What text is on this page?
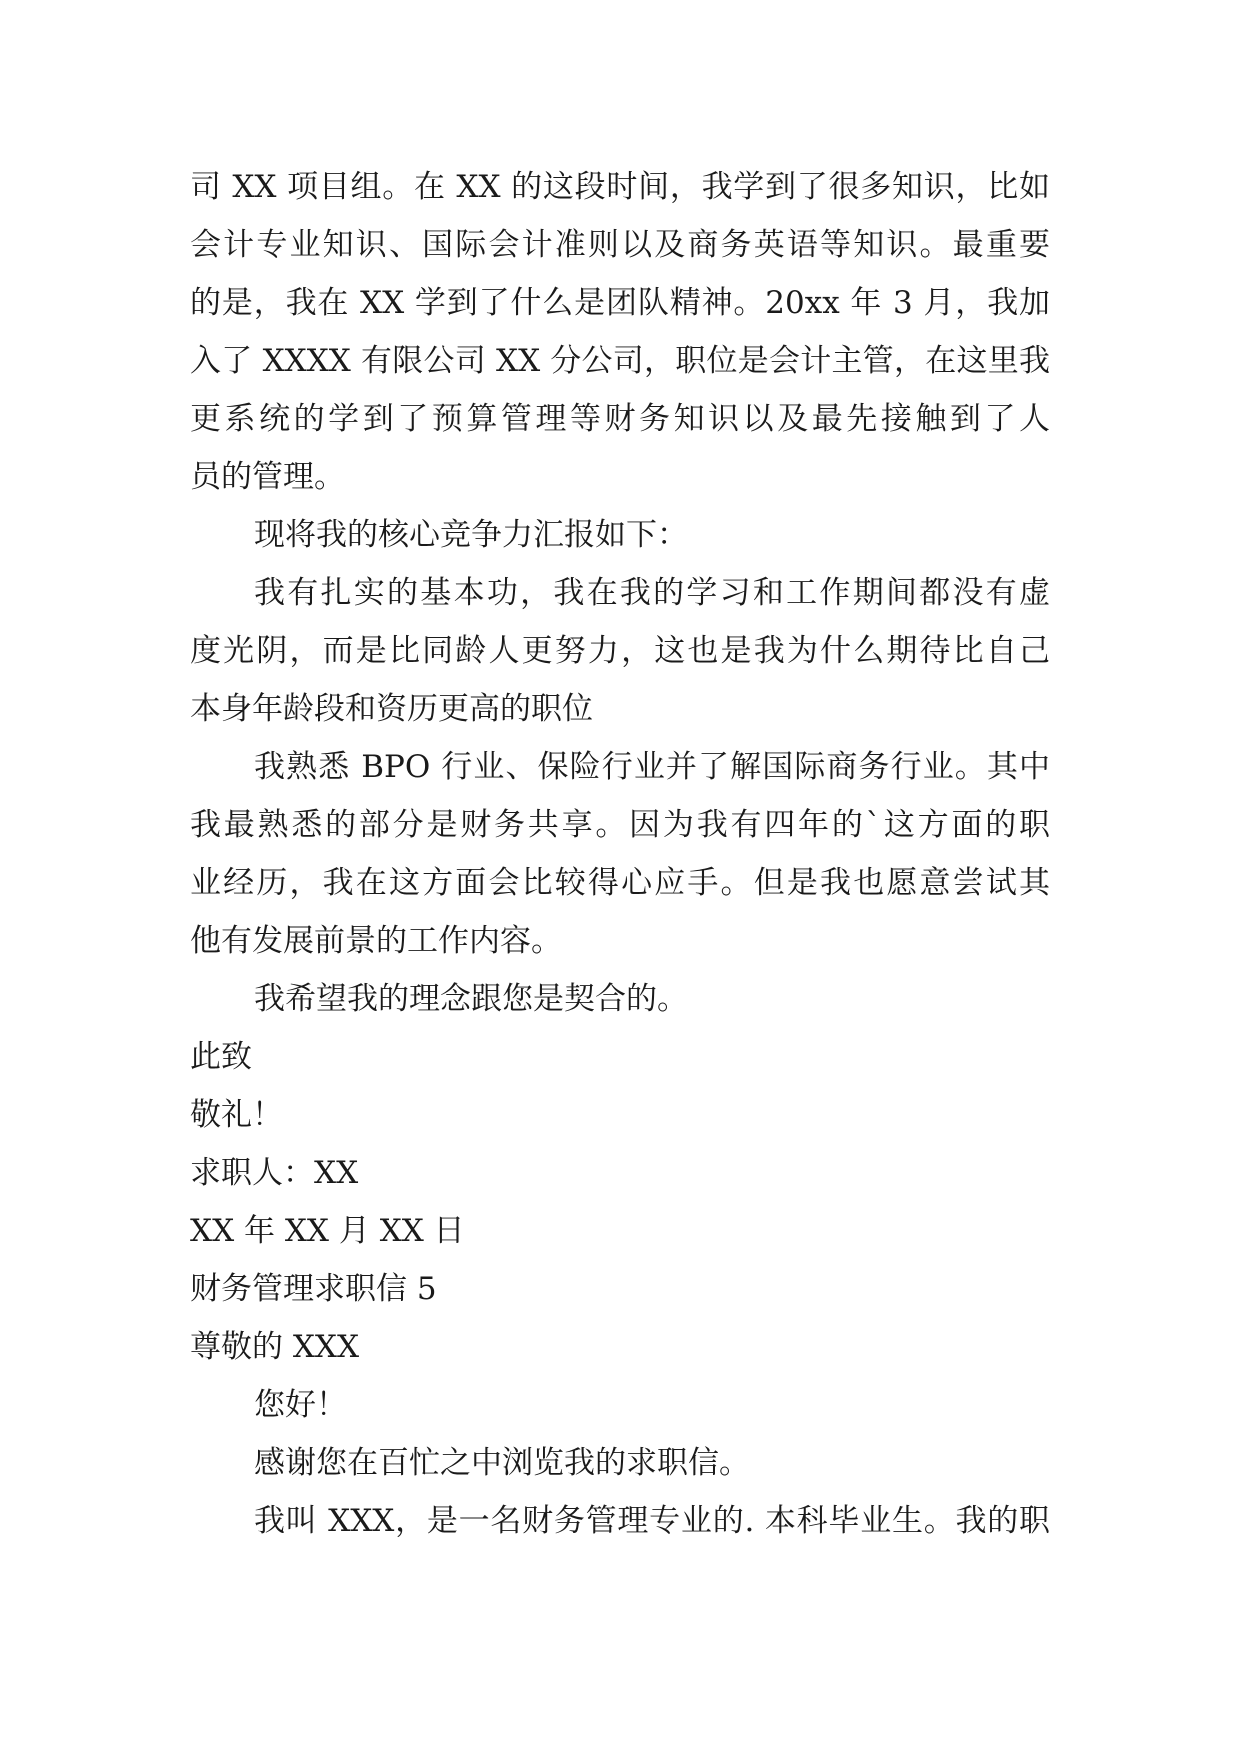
司 XX 项目组。在 XX 的这段时间，我学到了很多知识，比如
会计专业知识、国际会计准则以及商务英语等知识。最重要
的是，我在 XX 学到了什么是团队精神。20xx 年 3 月，我加
入了 XXXX 有限公司 XX 分公司，职位是会计主管，在这里我
更系统的学到了预算管理等财务知识以及最先接触到了人
员的管理。
现将我的核心竞争力汇报如下：
我有扎实的基本功，我在我的学习和工作期间都没有虚
度光阴，而是比同龄人更努力，这也是我为什么期待比自己
本身年龄段和资历更高的职位
我熟悉 BPO 行业、保险行业并了解国际商务行业。其中
我最熟悉的部分是财务共享。因为我有四年的`这方面的职
业经历，我在这方面会比较得心应手。但是我也愿意尝试其
他有发展前景的工作内容。
我希望我的理念跟您是契合的。
此致
敬礼！
求职人：XX
XX 年 XX 月 XX 日
财务管理求职信 5
尊敬的 XXX
您好！
感谢您在百忙之中浏览我的求职信。
我叫 XXX，是一名财务管理专业的. 本科毕业生。我的职
